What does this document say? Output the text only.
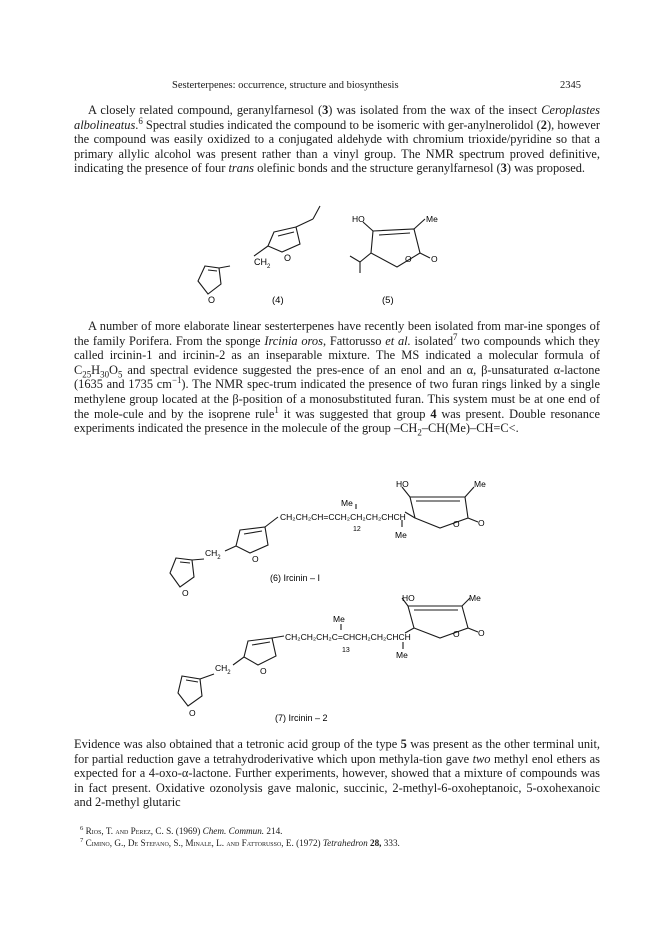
Sesterterpenes: occurrence, structure and biosynthesis	2345

A closely related compound, geranylfarnesol (3) was isolated from the wax of the insect Ceroplastes albolineatus.$^6$ Spectral studies indicated the compound to be isomeric with ger-anylnerolidol (2), however the compound was easily oxidized to a conjugated aldehyde with chromium trioxide/pyridine so that a primary allylic alcohol was present rather than a vinyl group. The NMR spectrum proved definitive, indicating the presence of four trans olefinic bonds and the structure geranylfarnesol (3) was proposed.

$CH_2$
O
O
HO	Me
O O
(4)	(5)
Me
HO	Me
CH₂CH₂CH=CCH₂CH₂CH₂CHCH
12
Me
O O
$CH_2$	O
O
(6) Ircinin – I
Me
HO	Me
CH₂CH₂CH₂C=CHCH₂CH₂CHCH
13	Me
O O
$CH_2$	O
O	(7) Ircinin – 2

A number of more elaborate linear sesterterpenes have recently been isolated from mar-ine sponges of the family Porifera. From the sponge Ircinia oros, Fattorusso et al. isolated$^7$ two compounds which they called ircinin-1 and ircinin-2 as an inseparable mixture. The MS indicated a molecular formula of $C_{25}H_{30}O_5$ and spectral evidence suggested the pres-ence of an enol and an α, β-unsaturated α-lactone (1635 and 1735 $cm^{-1}$). The NMR spec-trum indicated the presence of two furan rings linked by a single methylene group located at the β-position of a monosubstituted furan. This system must be at one end of the mole-cule and by the isoprene rule$^1$ it was suggested that group 4 was present. Double resonance experiments indicated the presence in the molecule of the group $-CH_2-CH(Me)-CH=C<$.

Evidence was also obtained that a tetronic acid group of the type 5 was present as the other terminal unit, for partial reduction gave a tetrahydroderivative which upon methyla-tion gave two methyl enol ethers as expected for a 4-oxo-α-lactone. Further experiments, however, showed that a mixture of compounds was in fact present. Oxidative ozonolysis gave malonic, succinic, 2-methyl-6-oxoheptanoic, 5-oxohexanoic and 2-methyl glutaric

$^6$ Rios, T. and Perez, C. S. (1969) Chem. Commun. 214.
$^7$ Cimino, G., De Stefano, S., Minale, L. and Fattorusso, E. (1972) Tetrahedron 28, 333.
